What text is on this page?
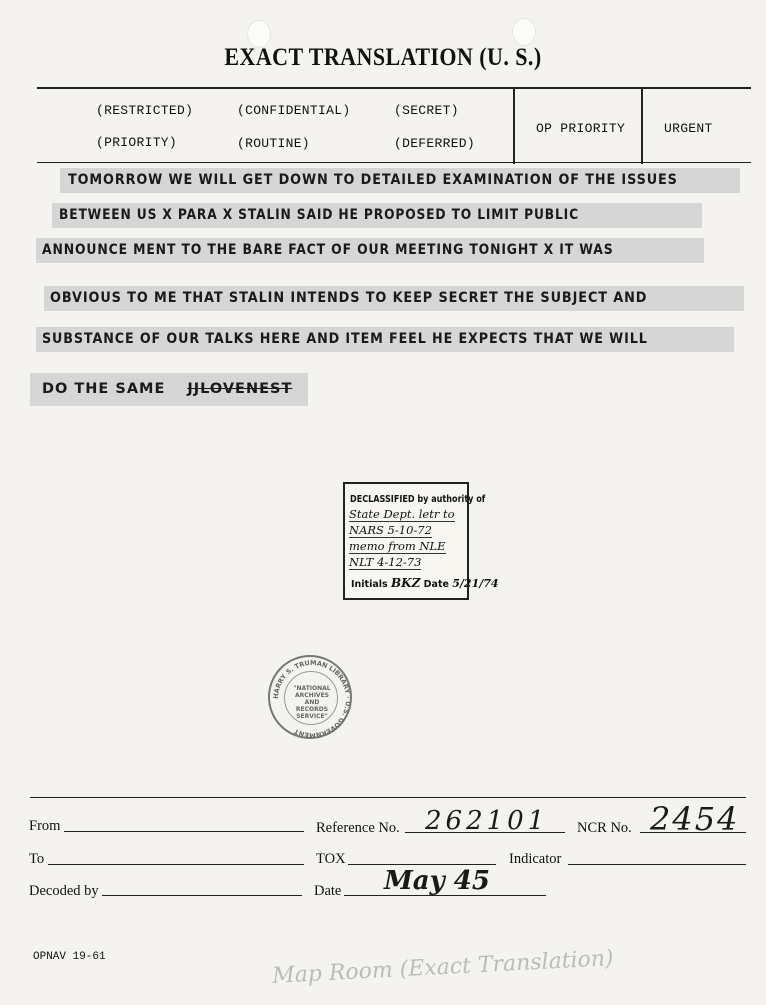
EXACT TRANSLATION (U. S.)
(RESTRICTED)	(CONFIDENTIAL)	(SECRET)
(PRIORITY)	(ROUTINE)	(DEFERRED)
OP PRIORITY	URGENT
TOMORROW WE WILL GET DOWN TO DETAILED EXAMINATION OF THE ISSUES
BETWEEN US X PARA X STALIN SAID HE PROPOSED TO LIMIT PUBLIC
ANNOUNCE MENT TO THE BARE FACT OF OUR MEETING TONIGHT X IT WAS
OBVIOUS TO ME THAT STALIN INTENDS TO KEEP SECRET THE SUBJECT AND
SUBSTANCE OF OUR TALKS HERE AND ITEM FEEL HE EXPECTS THAT WE WILL
DO THE SAME JJLOVENEST
DECLASSIFIED by authority of
State Dept. letr to
NARS 5-10-72
memo from NLE
NLT 4-12-73
Initials BKZ Date 5/21/74
HARRY S. TRUMAN LIBRARY · U.S. GOVERNMENT
"NATIONAL
ARCHIVES AND
RECORDS
SERVICE"
From	Reference No. 262101 NCR No. 2454
To	TOX	Indicator
Decoded by	Date May 45
OPNAV 19-61	Map Room (Exact Translation)
